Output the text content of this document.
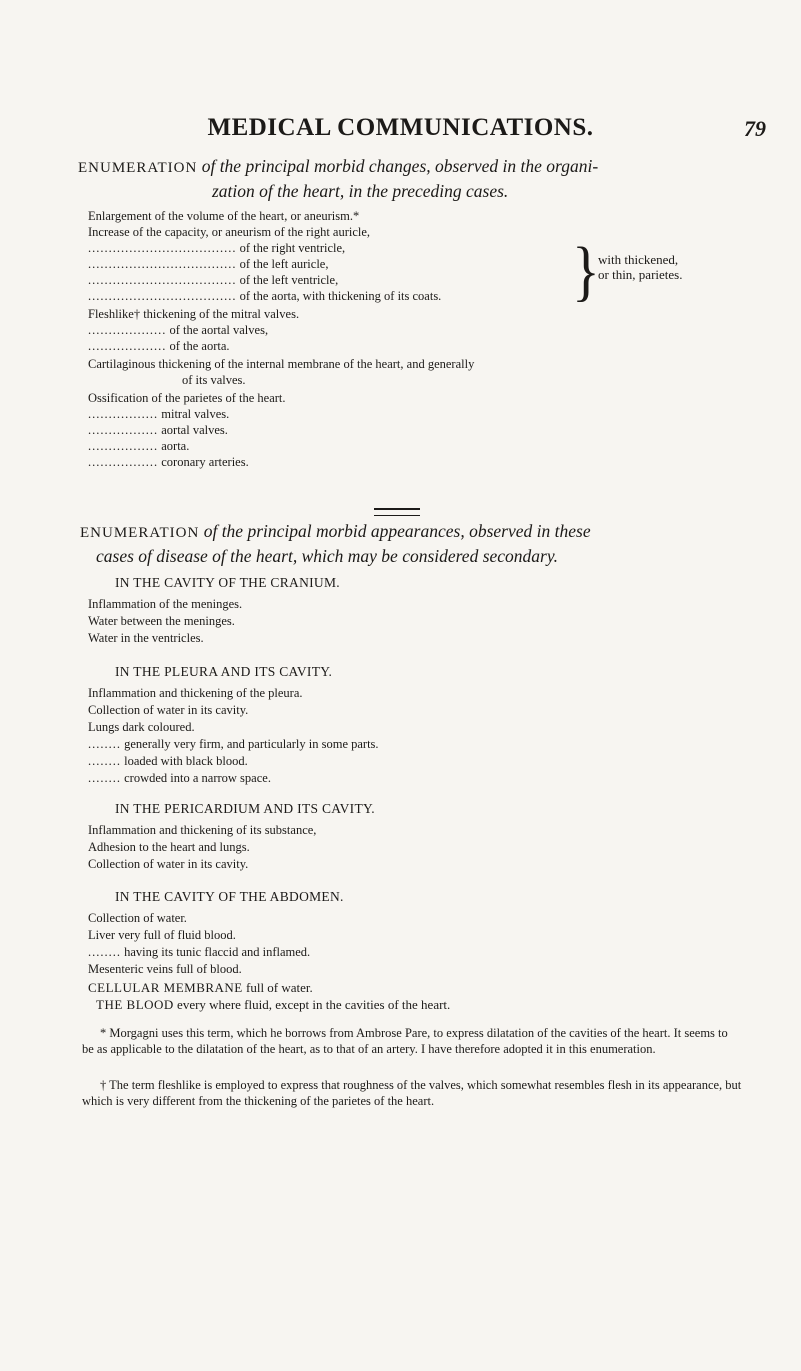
MEDICAL COMMUNICATIONS.	79
ENUMERATION of the principal morbid changes, observed in the organi-
zation of the heart, in the preceding cases.
Enlargement of the volume of the heart, or aneurism.*
Increase of the capacity, or aneurism of the right auricle,
.................................... of the right ventricle,
.................................... of the left auricle,
.................................... of the left ventricle,
.................................... of the aorta, with thickening of its coats. }
with thickened,
or thin, parietes.
Fleshlike† thickening of the mitral valves.
................... of the aortal valves,
................... of the aorta.
Cartilaginous thickening of the internal membrane of the heart, and generally
of its valves.
Ossification of the parietes of the heart.
................. mitral valves.
................. aortal valves.
................. aorta.
................. coronary arteries.
ENUMERATION of the principal morbid appearances, observed in these
cases of disease of the heart, which may be considered secondary.
IN THE CAVITY OF THE CRANIUM.
Inflammation of the meninges.
Water between the meninges.
Water in the ventricles.
IN THE PLEURA AND ITS CAVITY.
Inflammation and thickening of the pleura.
Collection of water in its cavity.
Lungs dark coloured.
........ generally very firm, and particularly in some parts.
........ loaded with black blood.
........ crowded into a narrow space.
IN THE PERICARDIUM AND ITS CAVITY.
Inflammation and thickening of its substance,
Adhesion to the heart and lungs.
Collection of water in its cavity.
IN THE CAVITY OF THE ABDOMEN.
Collection of water.
Liver very full of fluid blood.
........ having its tunic flaccid and inflamed.
Mesenteric veins full of blood.
CELLULAR MEMBRANE full of water.
THE BLOOD every where fluid, except in the cavities of the heart.
* Morgagni uses this term, which he borrows from Ambrose Pare, to express dilatation of the cavities of the heart. It seems to be as applicable to the dilatation of the heart, as to that of an artery. I have therefore adopted it in this enumeration.
† The term fleshlike is employed to express that roughness of the valves, which somewhat resembles flesh in its appearance, but which is very different from the thickening of the parietes of the heart.
